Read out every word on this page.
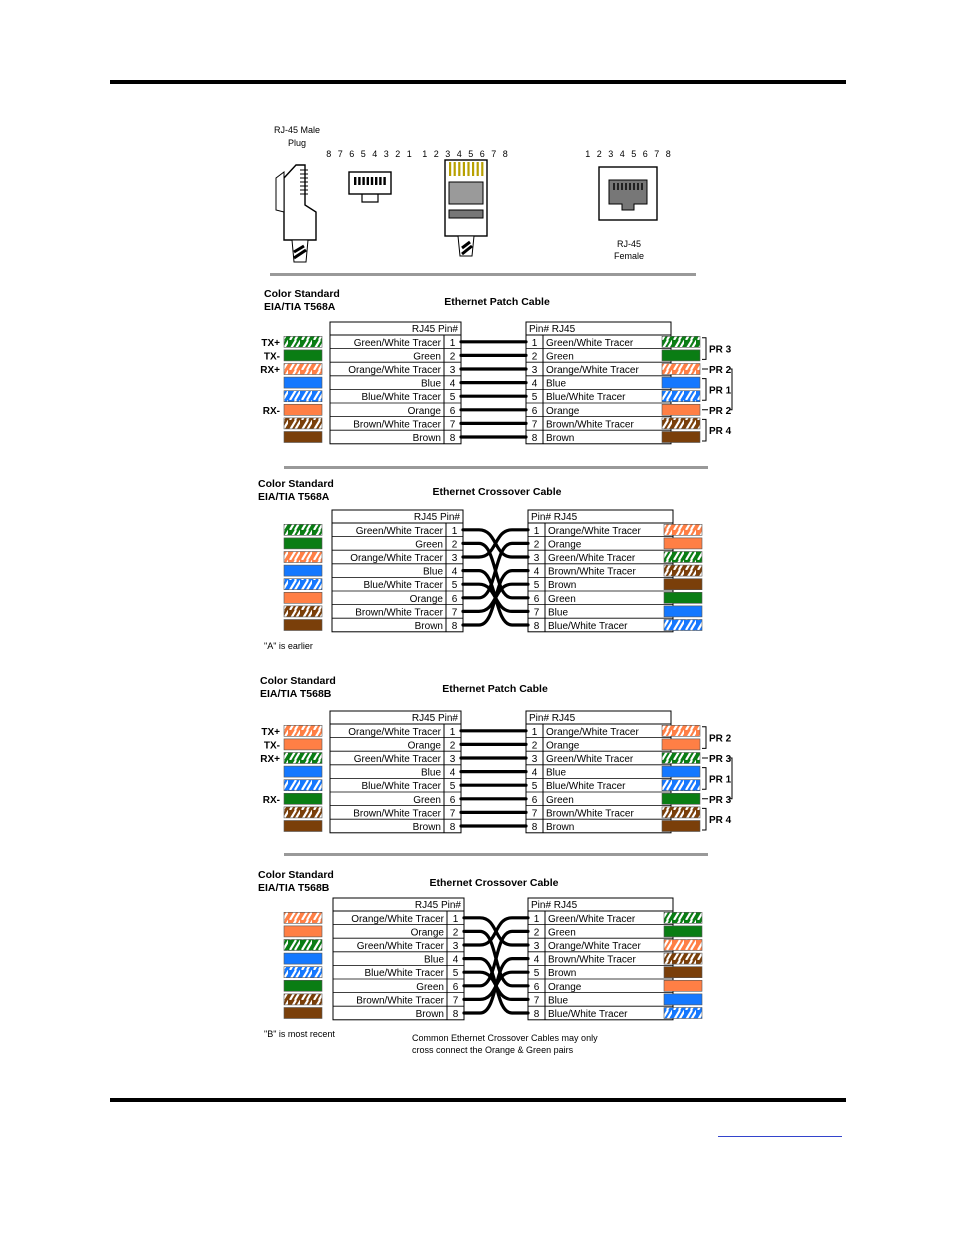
RJ-45 Male
Plug
8 7 6 5 4 3 2 1 1 2 3 4 5 6 7 8	1 2 3 4 5 6 7 8
RJ-45
Female
Color Standard
EIA/TIA T568A	Ethernet Patch Cable
RJ45 Pin#	Pin# RJ45
Green/White Tracer 1	1 Green/White Tracer
TX+
Green 2	2 Green
TX-
Orange/White Tracer 3	3 Orange/White Tracer
RX+
Blue 4	4 Blue
Blue/White Tracer 5	5 Blue/White Tracer
Orange 6	6 Orange
RX-
Brown/White Tracer 7	7 Brown/White Tracer
Brown 8	8 Brown
PR 3
PR 2
PR 2
PR 1
PR 4
Color Standard
EIA/TIA T568A	Ethernet Crossover Cable
RJ45 Pin#	Pin# RJ45
Green/White Tracer 1	1 Orange/White Tracer
Green 2	2 Orange
Orange/White Tracer 3	3 Green/White Tracer
Blue 4	4 Brown/White Tracer
Blue/White Tracer 5	5 Brown
Orange 6	6 Green
Brown/White Tracer 7	7 Blue
Brown 8	8 Blue/White Tracer
"A" is earlier
Color Standard
EIA/TIA T568B	Ethernet Patch Cable
RJ45 Pin#	Pin# RJ45
Orange/White Tracer 1	1 Orange/White Tracer
TX+
Orange 2	2 Orange
TX-
Green/White Tracer 3	3 Green/White Tracer
RX+
Blue 4	4 Blue
Blue/White Tracer 5	5 Blue/White Tracer
Green 6	6 Green
RX-
Brown/White Tracer 7	7 Brown/White Tracer
Brown 8	8 Brown
PR 2
PR 3
PR 3
PR 1
PR 4
Color Standard
EIA/TIA T568B	Ethernet Crossover Cable
RJ45 Pin#	Pin# RJ45
Orange/White Tracer 1	1 Green/White Tracer
Orange 2	2 Green
Green/White Tracer 3	3 Orange/White Tracer
Blue 4	4 Brown/White Tracer
Blue/White Tracer 5	5 Brown
Green 6	6 Orange
Brown/White Tracer 7	7 Blue
Brown 8	8 Blue/White Tracer
"B" is most recent	Common Ethernet Crossover Cables may only
cross connect the Orange & Green pairs
